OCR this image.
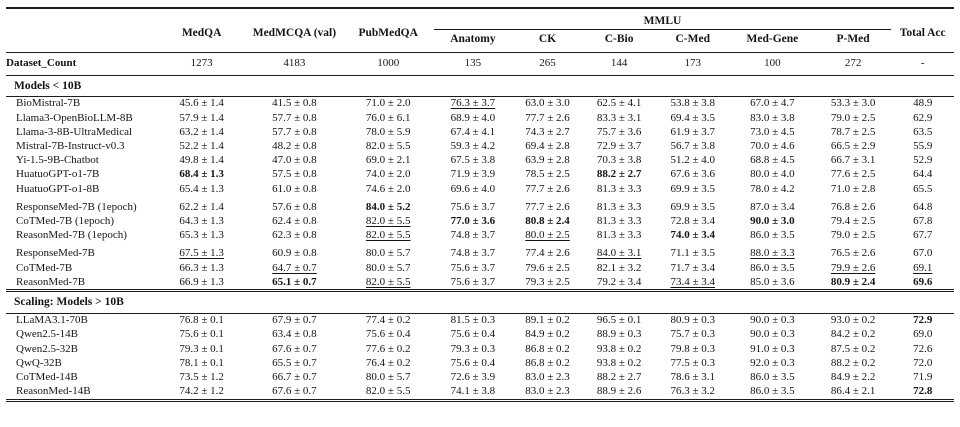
	MedQA	MedMCQA (val)	PubMedQA	MMLU						Total Acc
				Anatomy	CK	C-Bio	C-Med	Med-Gene	P-Med	
Dataset_Count	1273	4183	1000	135	265	144	173	100	272	-
Models < 10B										
BioMistral-7B	45.6 ± 1.4	41.5 ± 0.8	71.0 ± 2.0	76.3 ± 3.7	63.0 ± 3.0	62.5 ± 4.1	53.8 ± 3.8	67.0 ± 4.7	53.3 ± 3.0	48.9
Llama3-OpenBioLLM-8B	57.9 ± 1.4	57.7 ± 0.8	76.0 ± 6.1	68.9 ± 4.0	77.7 ± 2.6	83.3 ± 3.1	69.4 ± 3.5	83.0 ± 3.8	79.0 ± 2.5	62.9
Llama-3-8B-UltraMedical	63.2 ± 1.4	57.7 ± 0.8	78.0 ± 5.9	67.4 ± 4.1	74.3 ± 2.7	75.7 ± 3.6	61.9 ± 3.7	73.0 ± 4.5	78.7 ± 2.5	63.5
Mistral-7B-Instruct-v0.3	52.2 ± 1.4	48.2 ± 0.8	82.0 ± 5.5	59.3 ± 4.2	69.4 ± 2.8	72.9 ± 3.7	56.7 ± 3.8	70.0 ± 4.6	66.5 ± 2.9	55.9
Yi-1.5-9B-Chatbot	49.8 ± 1.4	47.0 ± 0.8	69.0 ± 2.1	67.5 ± 3.8	63.9 ± 2.8	70.3 ± 3.8	51.2 ± 4.0	68.8 ± 4.5	66.7 ± 3.1	52.9
HuatuoGPT-o1-7B	68.4 ± 1.3	57.5 ± 0.8	74.0 ± 2.0	71.9 ± 3.9	78.5 ± 2.5	88.2 ± 2.7	67.6 ± 3.6	80.0 ± 4.0	77.6 ± 2.5	64.4
HuatuoGPT-o1-8B	65.4 ± 1.3	61.0 ± 0.8	74.6 ± 2.0	69.6 ± 4.0	77.7 ± 2.6	81.3 ± 3.3	69.9 ± 3.5	78.0 ± 4.2	71.0 ± 2.8	65.5
ResponseMed-7B (1epoch)	62.2 ± 1.4	57.6 ± 0.8	84.0 ± 5.2	75.6 ± 3.7	77.7 ± 2.6	81.3 ± 3.3	69.9 ± 3.5	87.0 ± 3.4	76.8 ± 2.6	64.8
CoTMed-7B (1epoch)	64.3 ± 1.3	62.4 ± 0.8	82.0 ± 5.5	77.0 ± 3.6	80.8 ± 2.4	81.3 ± 3.3	72.8 ± 3.4	90.0 ± 3.0	79.4 ± 2.5	67.8
ReasonMed-7B (1epoch)	65.3 ± 1.3	62.3 ± 0.8	82.0 ± 5.5	74.8 ± 3.7	80.0 ± 2.5	81.3 ± 3.3	74.0 ± 3.4	86.0 ± 3.5	79.0 ± 2.5	67.7
ResponseMed-7B	67.5 ± 1.3	60.9 ± 0.8	80.0 ± 5.7	74.8 ± 3.7	77.4 ± 2.6	84.0 ± 3.1	71.1 ± 3.5	88.0 ± 3.3	76.5 ± 2.6	67.0
CoTMed-7B	66.3 ± 1.3	64.7 ± 0.7	80.0 ± 5.7	75.6 ± 3.7	79.6 ± 2.5	82.1 ± 3.2	71.7 ± 3.4	86.0 ± 3.5	79.9 ± 2.6	69.1
ReasonMed-7B	66.9 ± 1.3	65.1 ± 0.7	82.0 ± 5.5	75.6 ± 3.7	79.3 ± 2.5	79.2 ± 3.4	73.4 ± 3.4	85.0 ± 3.6	80.9 ± 2.4	69.6
Scaling: Models > 10B										
LLaMA3.1-70B	76.8 ± 0.1	67.9 ± 0.7	77.4 ± 0.2	81.5 ± 0.3	89.1 ± 0.2	96.5 ± 0.1	80.9 ± 0.3	90.0 ± 0.3	93.0 ± 0.2	72.9
Qwen2.5-14B	75.6 ± 0.1	63.4 ± 0.8	75.6 ± 0.4	75.6 ± 0.4	84.9 ± 0.2	88.9 ± 0.3	75.7 ± 0.3	90.0 ± 0.3	84.2 ± 0.2	69.0
Qwen2.5-32B	79.3 ± 0.1	67.6 ± 0.7	77.6 ± 0.2	79.3 ± 0.3	86.8 ± 0.2	93.8 ± 0.2	79.8 ± 0.3	91.0 ± 0.3	87.5 ± 0.2	72.6
QwQ-32B	78.1 ± 0.1	65.5 ± 0.7	76.4 ± 0.2	75.6 ± 0.4	86.8 ± 0.2	93.8 ± 0.2	77.5 ± 0.3	92.0 ± 0.3	88.2 ± 0.2	72.0
CoTMed-14B	73.5 ± 1.2	66.7 ± 0.7	80.0 ± 5.7	72.6 ± 3.9	83.0 ± 2.3	88.2 ± 2.7	78.6 ± 3.1	86.0 ± 3.5	84.9 ± 2.2	71.9
ReasonMed-14B	74.2 ± 1.2	67.6 ± 0.7	82.0 ± 5.5	74.1 ± 3.8	83.0 ± 2.3	88.9 ± 2.6	76.3 ± 3.2	86.0 ± 3.5	86.4 ± 2.1	72.8
